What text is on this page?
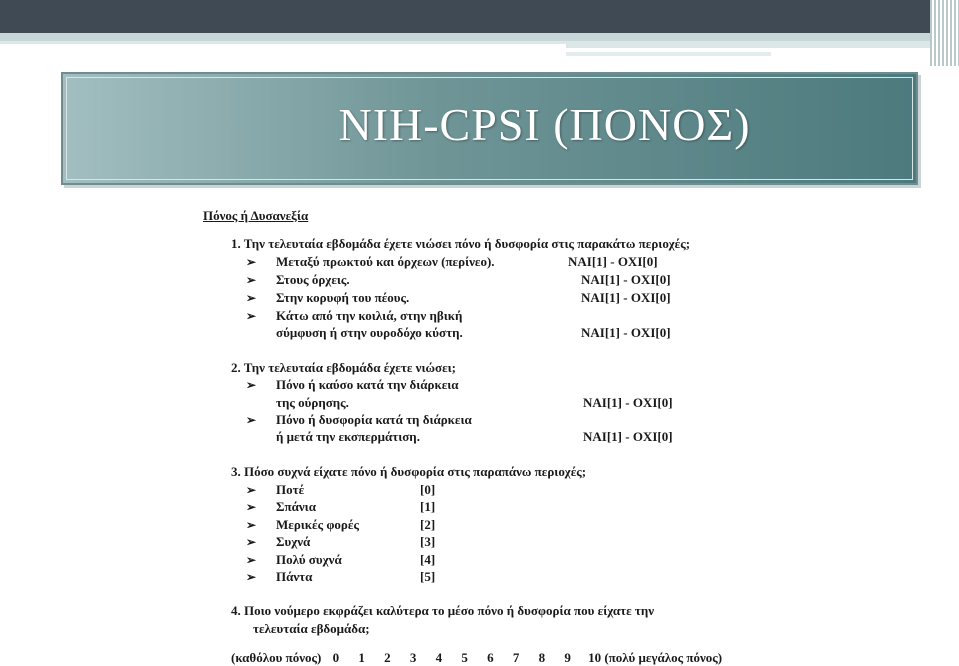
NIH-CPSI (ΠΟΝΟΣ)
Πόνος ή Δυσανεξία
1. Την τελευταία εβδομάδα έχετε νιώσει πόνο ή δυσφορία στις παρακάτω περιοχές;
➢ Μεταξύ πρωκτού και όρχεων (περίνεο).	ΝΑΙ[1] - ΟΧΙ[0]
➢ Στους όρχεις.	ΝΑΙ[1] - ΟΧΙ[0]
➢ Στην κορυφή του πέους.	ΝΑΙ[1] - ΟΧΙ[0]
➢ Κάτω από την κοιλιά, στην ηβική
σύμφυση ή στην ουροδόχο κύστη.	ΝΑΙ[1] - ΟΧΙ[0]
2. Την τελευταία εβδομάδα έχετε νιώσει;
➢ Πόνο ή καύσο κατά την διάρκεια
της ούρησης.	ΝΑΙ[1] - ΟΧΙ[0]
➢ Πόνο ή δυσφορία κατά τη διάρκεια
ή μετά την εκσπερμάτιση.	ΝΑΙ[1] - ΟΧΙ[0]
3. Πόσο συχνά είχατε πόνο ή δυσφορία στις παραπάνω περιοχές;
➢ Ποτέ	[0]
➢ Σπάνια	[1]
➢ Μερικές φορές	[2]
➢ Συχνά	[3]
➢ Πολύ συχνά	[4]
➢ Πάντα	[5]
4. Ποιο νούμερο εκφράζει καλύτερα το μέσο πόνο ή δυσφορία που είχατε την
τελευταία εβδομάδα;
(καθόλου πόνος) 0 1 2 3 4 5 6 7 8 9 10 (πολύ μεγάλος πόνος)
